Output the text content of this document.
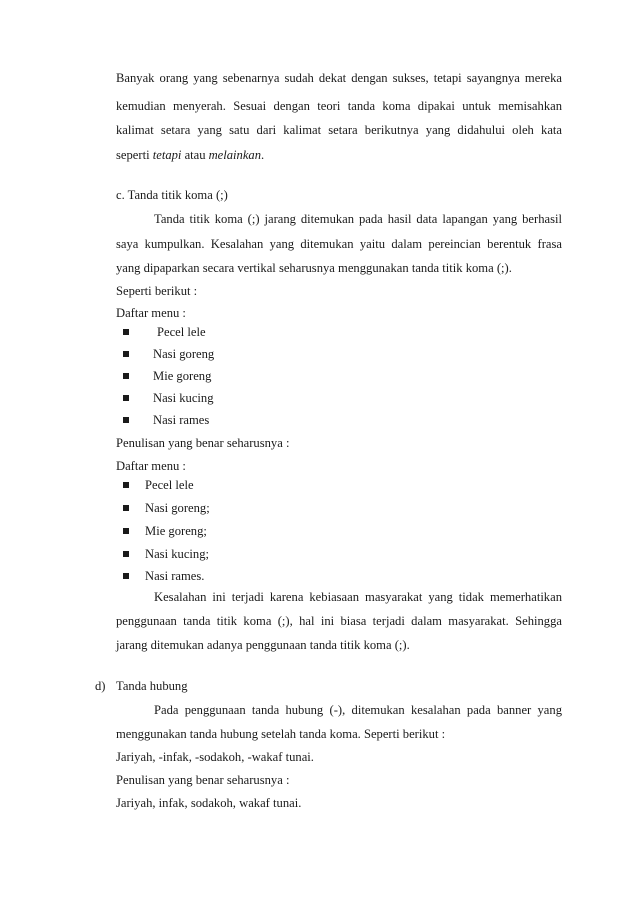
Banyak orang yang sebenarnya sudah dekat dengan sukses, tetapi sayangnya mereka
kemudian menyerah. Sesuai dengan teori tanda koma dipakai untuk memisahkan
kalimat setara yang satu dari kalimat setara berikutnya yang didahului oleh kata
seperti tetapi atau melainkan.
c. Tanda titik koma (;)
Tanda titik koma (;) jarang ditemukan pada hasil data lapangan yang berhasil
saya kumpulkan. Kesalahan yang ditemukan yaitu dalam pereincian berentuk frasa
yang dipaparkan secara vertikal seharusnya menggunakan tanda titik koma (;).
Seperti berikut :
Daftar menu :
Pecel lele
Nasi goreng
Mie goreng
Nasi kucing
Nasi rames
Penulisan yang benar seharusnya :
Daftar menu :
Pecel lele
Nasi goreng;
Mie goreng;
Nasi kucing;
Nasi rames.
Kesalahan ini terjadi karena kebiasaan masyarakat yang tidak memerhatikan
penggunaan tanda titik koma (;), hal ini biasa terjadi dalam masyarakat. Sehingga
jarang ditemukan adanya penggunaan tanda titik koma (;).
d) Tanda hubung
Pada penggunaan tanda hubung (-), ditemukan kesalahan pada banner yang
menggunakan tanda hubung setelah tanda koma. Seperti berikut :
Jariyah, -infak, -sodakoh, -wakaf tunai.
Penulisan yang benar seharusnya :
Jariyah, infak, sodakoh, wakaf tunai.
